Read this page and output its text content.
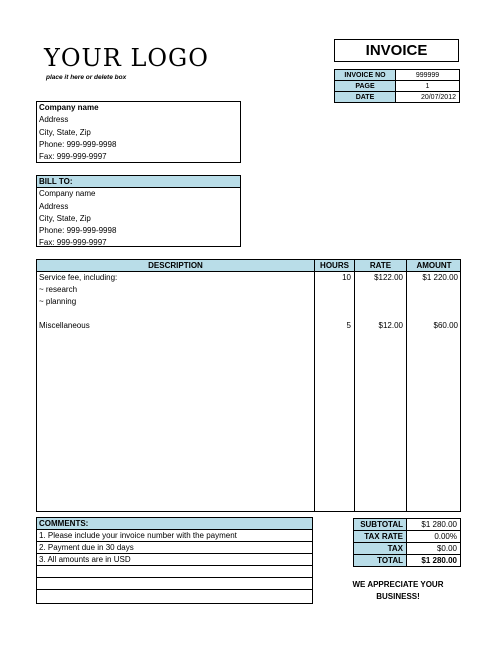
YOUR LOGO
place it here or delete box
INVOICE
INVOICE NO	999999
PAGE	1
DATE	20/07/2012
Company name
Address
City, State, Zip
Phone: 999-999-9998
Fax: 999-999-9997
BILL TO:
Company name
Address
City, State, Zip
Phone: 999-999-9998
Fax: 999-999-9997
DESCRIPTION	HOURS	RATE	AMOUNT
Service fee, including:	10	$122.00	$1 220.00
~ research
~ planning
Miscellaneous	5	$12.00	$60.00
COMMENTS:
1. Please include your invoice number with the payment
2. Payment due in 30 days
3. All amounts are in USD
SUBTOTAL	$1 280.00
TAX RATE	0.00%
TAX	$0.00
TOTAL	$1 280.00
WE APPRECIATE YOUR
BUSINESS!
